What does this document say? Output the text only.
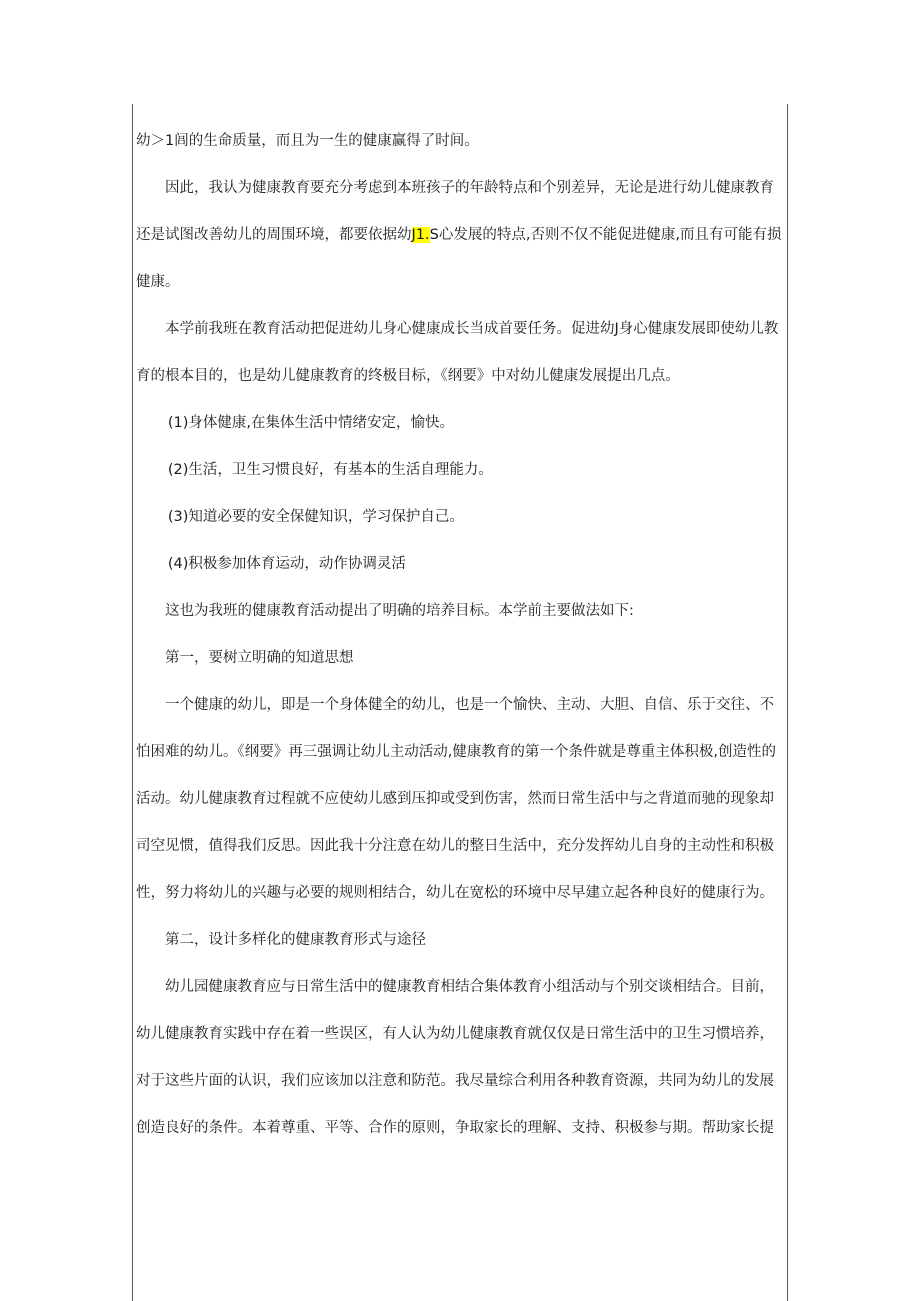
幼＞1闾的生命质量，而且为一生的健康赢得了时间。

因此，我认为健康教育要充分考虑到本班孩子的年龄特点和个别差异，无论是进行幼儿健康教育还是试图改善幼儿的周围环境，都要依据幼J1.S心发展的特点,否则不仅不能促进健康,而且有可能有损健康。

本学前我班在教育活动把促进幼儿身心健康成长当成首要任务。促进幼J身心健康发展即使幼儿教育的根本目的，也是幼儿健康教育的终极目标，《纲要》中对幼儿健康发展提出几点。

(1)身体健康,在集体生活中情绪安定，愉快。

(2)生活，卫生习惯良好，有基本的生活自理能力。

(3)知道必要的安全保健知识，学习保护自己。

(4)积极参加体育运动，动作协调灵活

这也为我班的健康教育活动提出了明确的培养目标。本学前主要做法如下:

第一，要树立明确的知道思想

一个健康的幼儿，即是一个身体健全的幼儿，也是一个愉快、主动、大胆、自信、乐于交往、不怕困难的幼儿。《纲要》再三强调让幼儿主动活动,健康教育的第一个条件就是尊重主体积极,创造性的活动。幼儿健康教育过程就不应使幼儿感到压抑或受到伤害，然而日常生活中与之背道而驰的现象却司空见惯，值得我们反思。因此我十分注意在幼儿的整日生活中，充分发挥幼儿自身的主动性和积极性，努力将幼儿的兴趣与必要的规则相结合，幼儿在宽松的环境中尽早建立起各种良好的健康行为。

第二，设计多样化的健康教育形式与途径

幼儿园健康教育应与日常生活中的健康教育相结合集体教育小组活动与个别交谈相结合。目前，幼儿健康教育实践中存在着一些误区，有人认为幼儿健康教育就仅仅是日常生活中的卫生习惯培养，对于这些片面的认识，我们应该加以注意和防范。我尽量综合利用各种教育资源，共同为幼儿的发展创造良好的条件。本着尊重、平等、合作的原则，争取家长的理解、支持、积极参与期。帮助家长提
